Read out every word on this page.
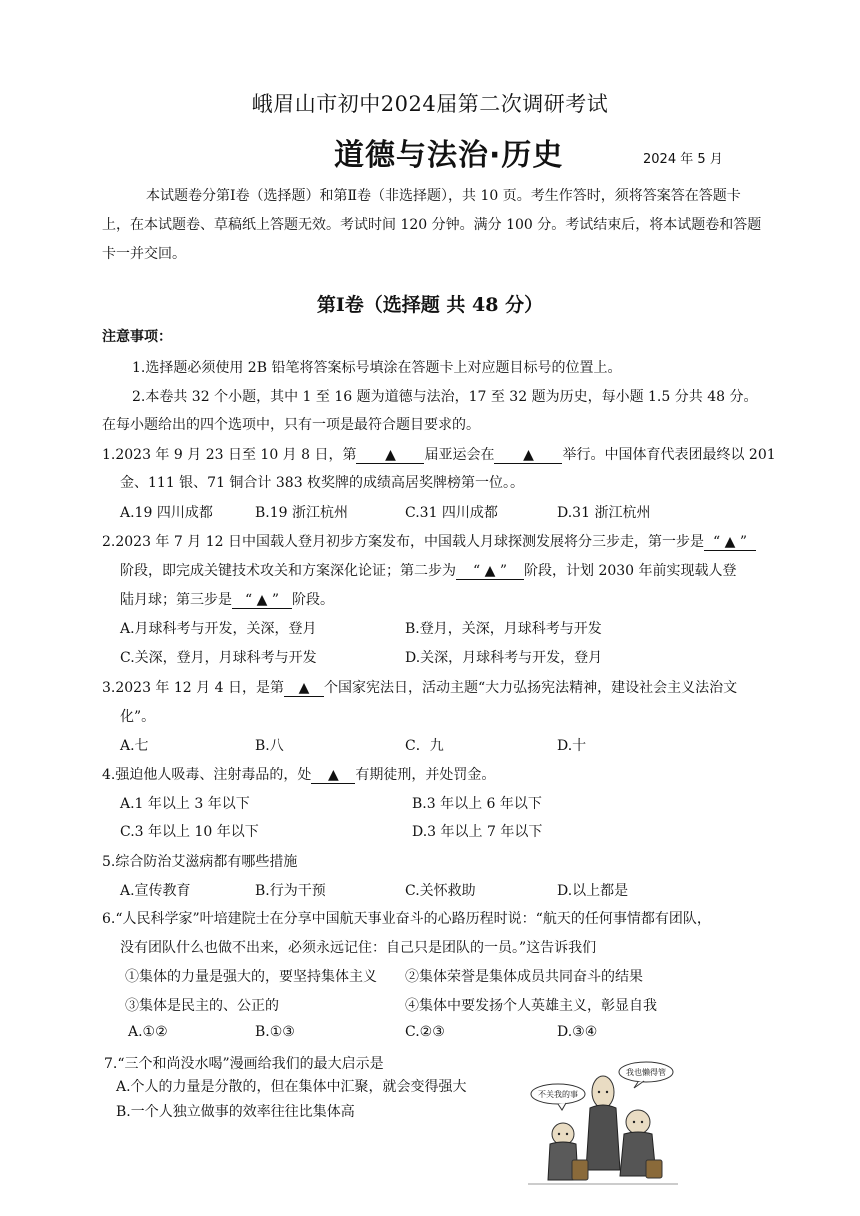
峨眉山市初中2024届第二次调研考试
道德与法治·历史	2024 年 5 月
本试题卷分第Ⅰ卷（选择题）和第Ⅱ卷（非选择题），共 10 页。考生作答时，须将答案答在答题卡上，在本试题卷、草稿纸上答题无效。考试时间 120 分钟。满分 100 分。考试结束后，将本试题卷和答题卡一并交回。
第Ⅰ卷（选择题 共 48 分）
注意事项：
1.选择题必须使用 2B 铅笔将答案标号填涂在答题卡上对应题目标号的位置上。
2.本卷共 32 个小题，其中 1 至 16 题为道德与法治，17 至 32 题为历史，每小题 1.5 分共 48 分。
在每小题给出的四个选项中，只有一项是最符合题目要求的。
1.2023 年 9 月 23 日至 10 月 8 日，第 ▲ 届亚运会在 ▲ 举行。中国体育代表团最终以 201
金、111 银、71 铜合计 383 枚奖牌的成绩高居奖牌榜第一位。。
A.19 四川成都	B.19 浙江杭州	C.31 四川成都	D.31 浙江杭州
2.2023 年 7 月 12 日中国载人登月初步方案发布，中国载人月球探测发展将分三步走，第一步是 “ ▲ ”
阶段，即完成关键技术攻关和方案深化论证；第二步为 “ ▲ ” 阶段，计划 2030 年前实现载人登
陆月球；第三步是 “ ▲ ” 阶段。
A.月球科考与开发，关深，登月	B.登月，关深，月球科考与开发
C.关深，登月，月球科考与开发	D.关深，月球科考与开发，登月
3.2023 年 12 月 4 日，是第 ▲ 个国家宪法日，活动主题“大力弘扬宪法精神，建设社会主义法治文
化”。
A.七	B.八	C．九	D.十
4.强迫他人吸毒、注射毒品的，处 ▲ 有期徒刑，并处罚金。
A.1 年以上 3 年以下	B.3 年以上 6 年以下
C.3 年以上 10 年以下	D.3 年以上 7 年以下
5.综合防治艾滋病都有哪些措施
A.宣传教育	B.行为干预	C.关怀救助	D.以上都是
6.“人民科学家”叶培建院士在分享中国航天事业奋斗的心路历程时说：“航天的任何事情都有团队，
没有团队什么也做不出来，必须永远记住：自己只是团队的一员。”这告诉我们
①集体的力量是强大的，要坚持集体主义 ②集体荣誉是集体成员共同奋斗的结果
③集体是民主的、公正的	④集体中要发扬个人英雄主义，彰显自我
A.①②	B.①③	C.②③	D.③④
7.“三个和尚没水喝”漫画给我们的最大启示是
A.个人的力量是分散的，但在集体中汇聚，就会变得强大
B.一个人独立做事的效率往往比集体高
不关我的事
我也懒得管
